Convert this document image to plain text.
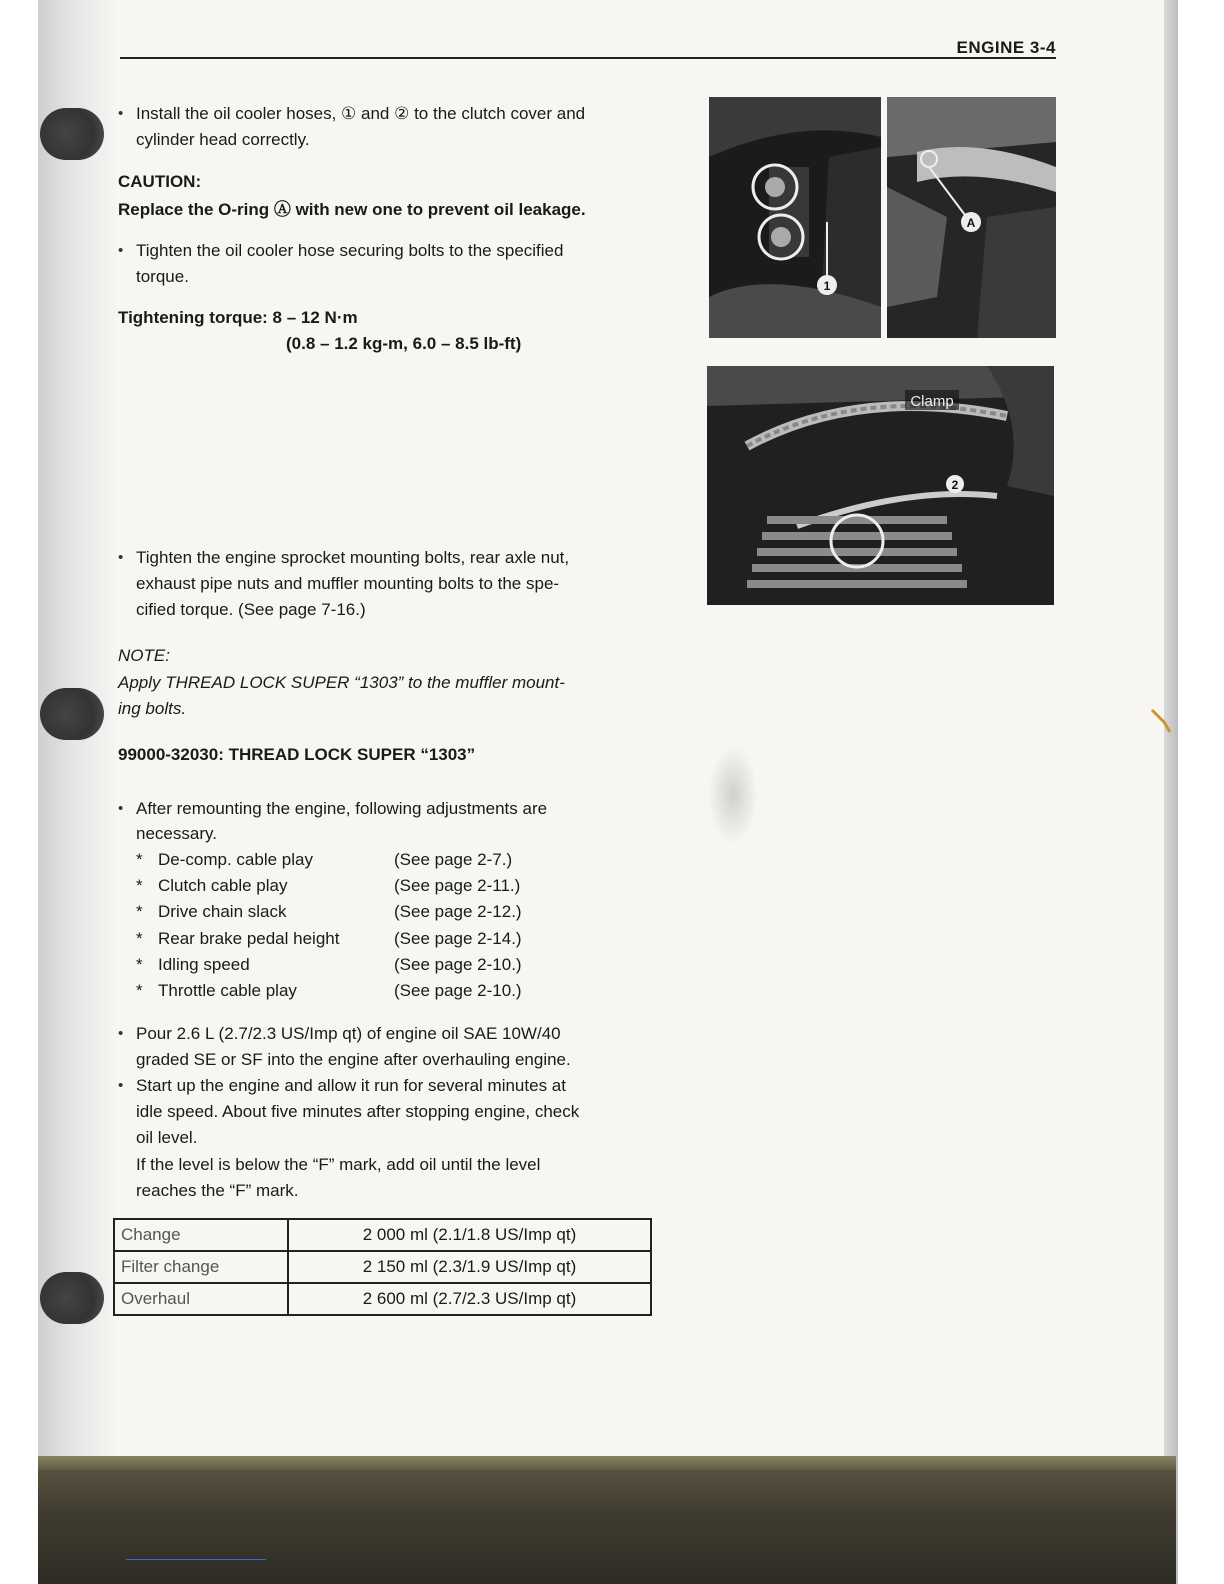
ENGINE 3-4
• Install the oil cooler hoses, ① and ② to the clutch cover and
cylinder head correctly.
CAUTION:
Replace the O-ring Ⓐ with new one to prevent oil leakage.
• Tighten the oil cooler hose securing bolts to the specified
torque.
Tightening torque: 8 – 12 N·m
(0.8 – 1.2 kg-m, 6.0 – 8.5 lb-ft)
• Tighten the engine sprocket mounting bolts, rear axle nut,
exhaust pipe nuts and muffler mounting bolts to the spe-
cified torque. (See page 7-16.)
NOTE:
Apply THREAD LOCK SUPER “1303” to the muffler mount-
ing bolts.
99000-32030: THREAD LOCK SUPER “1303”
• After remounting the engine, following adjustments are
necessary.
* De-comp. cable play	(See page 2-7.)
* Clutch cable play	(See page 2-11.)
* Drive chain slack	(See page 2-12.)
* Rear brake pedal height	(See page 2-14.)
* Idling speed	(See page 2-10.)
* Throttle cable play	(See page 2-10.)
• Pour 2.6 L (2.7/2.3 US/Imp qt) of engine oil SAE 10W/40
graded SE or SF into the engine after overhauling engine.
• Start up the engine and allow it run for several minutes at
idle speed. About five minutes after stopping engine, check
oil level.
If the level is below the “F” mark, add oil until the level
reaches the “F” mark.
Change	2 000 ml (2.1/1.8 US/Imp qt)
Filter change	2 150 ml (2.3/1.9 US/Imp qt)
Overhaul	2 600 ml (2.7/2.3 US/Imp qt)
1
A
2
Clamp
